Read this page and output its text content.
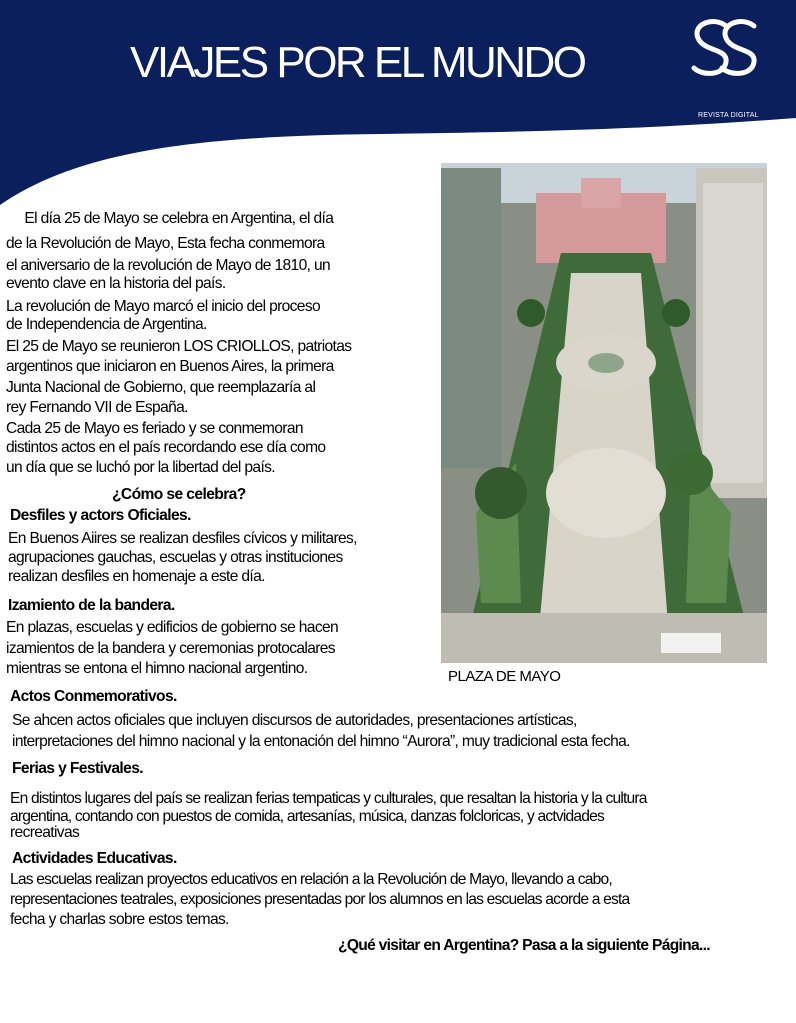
VIAJES POR EL MUNDO
REVISTA DIGITAL
PLAZA DE MAYO

El día 25 de Mayo se celebra en Argentina, el día

de la Revolución de Mayo, Esta fecha conmemora

el aniversario de la revolución de Mayo de 1810, un

evento clave en la historia del país.

La revolución de Mayo marcó el inicio del proceso

de Independencia de Argentina.

El 25 de Mayo se reunieron LOS CRIOLLOS, patriotas

argentinos que iniciaron en Buenos Aires, la primera

Junta Nacional de Gobierno, que reemplazaría al

rey Fernando VII de España.

Cada 25 de Mayo es feriado y se conmemoran

distintos actos en el país recordando ese día como

un día que se luchó por la libertad del país.

¿Cómo se celebra?

Desfiles y actors Oficiales.

En Buenos Aiires se realizan desfiles cívicos y militares,

agrupaciones gauchas, escuelas y otras instituciones

realizan desfiles en homenaje a este día.

Izamiento de la bandera.

En plazas, escuelas y edificios de gobierno se hacen

izamientos de la bandera y ceremonias protocalares

mientras se entona el himno nacional argentino.

Actos Conmemorativos.

Se ahcen actos oficiales que incluyen discursos de autoridades, presentaciones artísticas,

interpretaciones del himno nacional y la entonación del himno “Aurora”, muy tradicional esta fecha.

Ferias y Festivales.

En distintos lugares del país se realizan ferias tempaticas y culturales, que resaltan la historia y la cultura

argentina, contando con puestos de comida, artesanías, música, danzas folcloricas, y actvidades

recreativas

Actividades Educativas.

Las escuelas realizan proyectos educativos en relación a la Revolución de Mayo, llevando a cabo,

representaciones teatrales, exposiciones presentadas por los alumnos en las escuelas acorde a esta

fecha y charlas sobre estos temas.

¿Qué visitar en Argentina? Pasa a la siguiente Página...
